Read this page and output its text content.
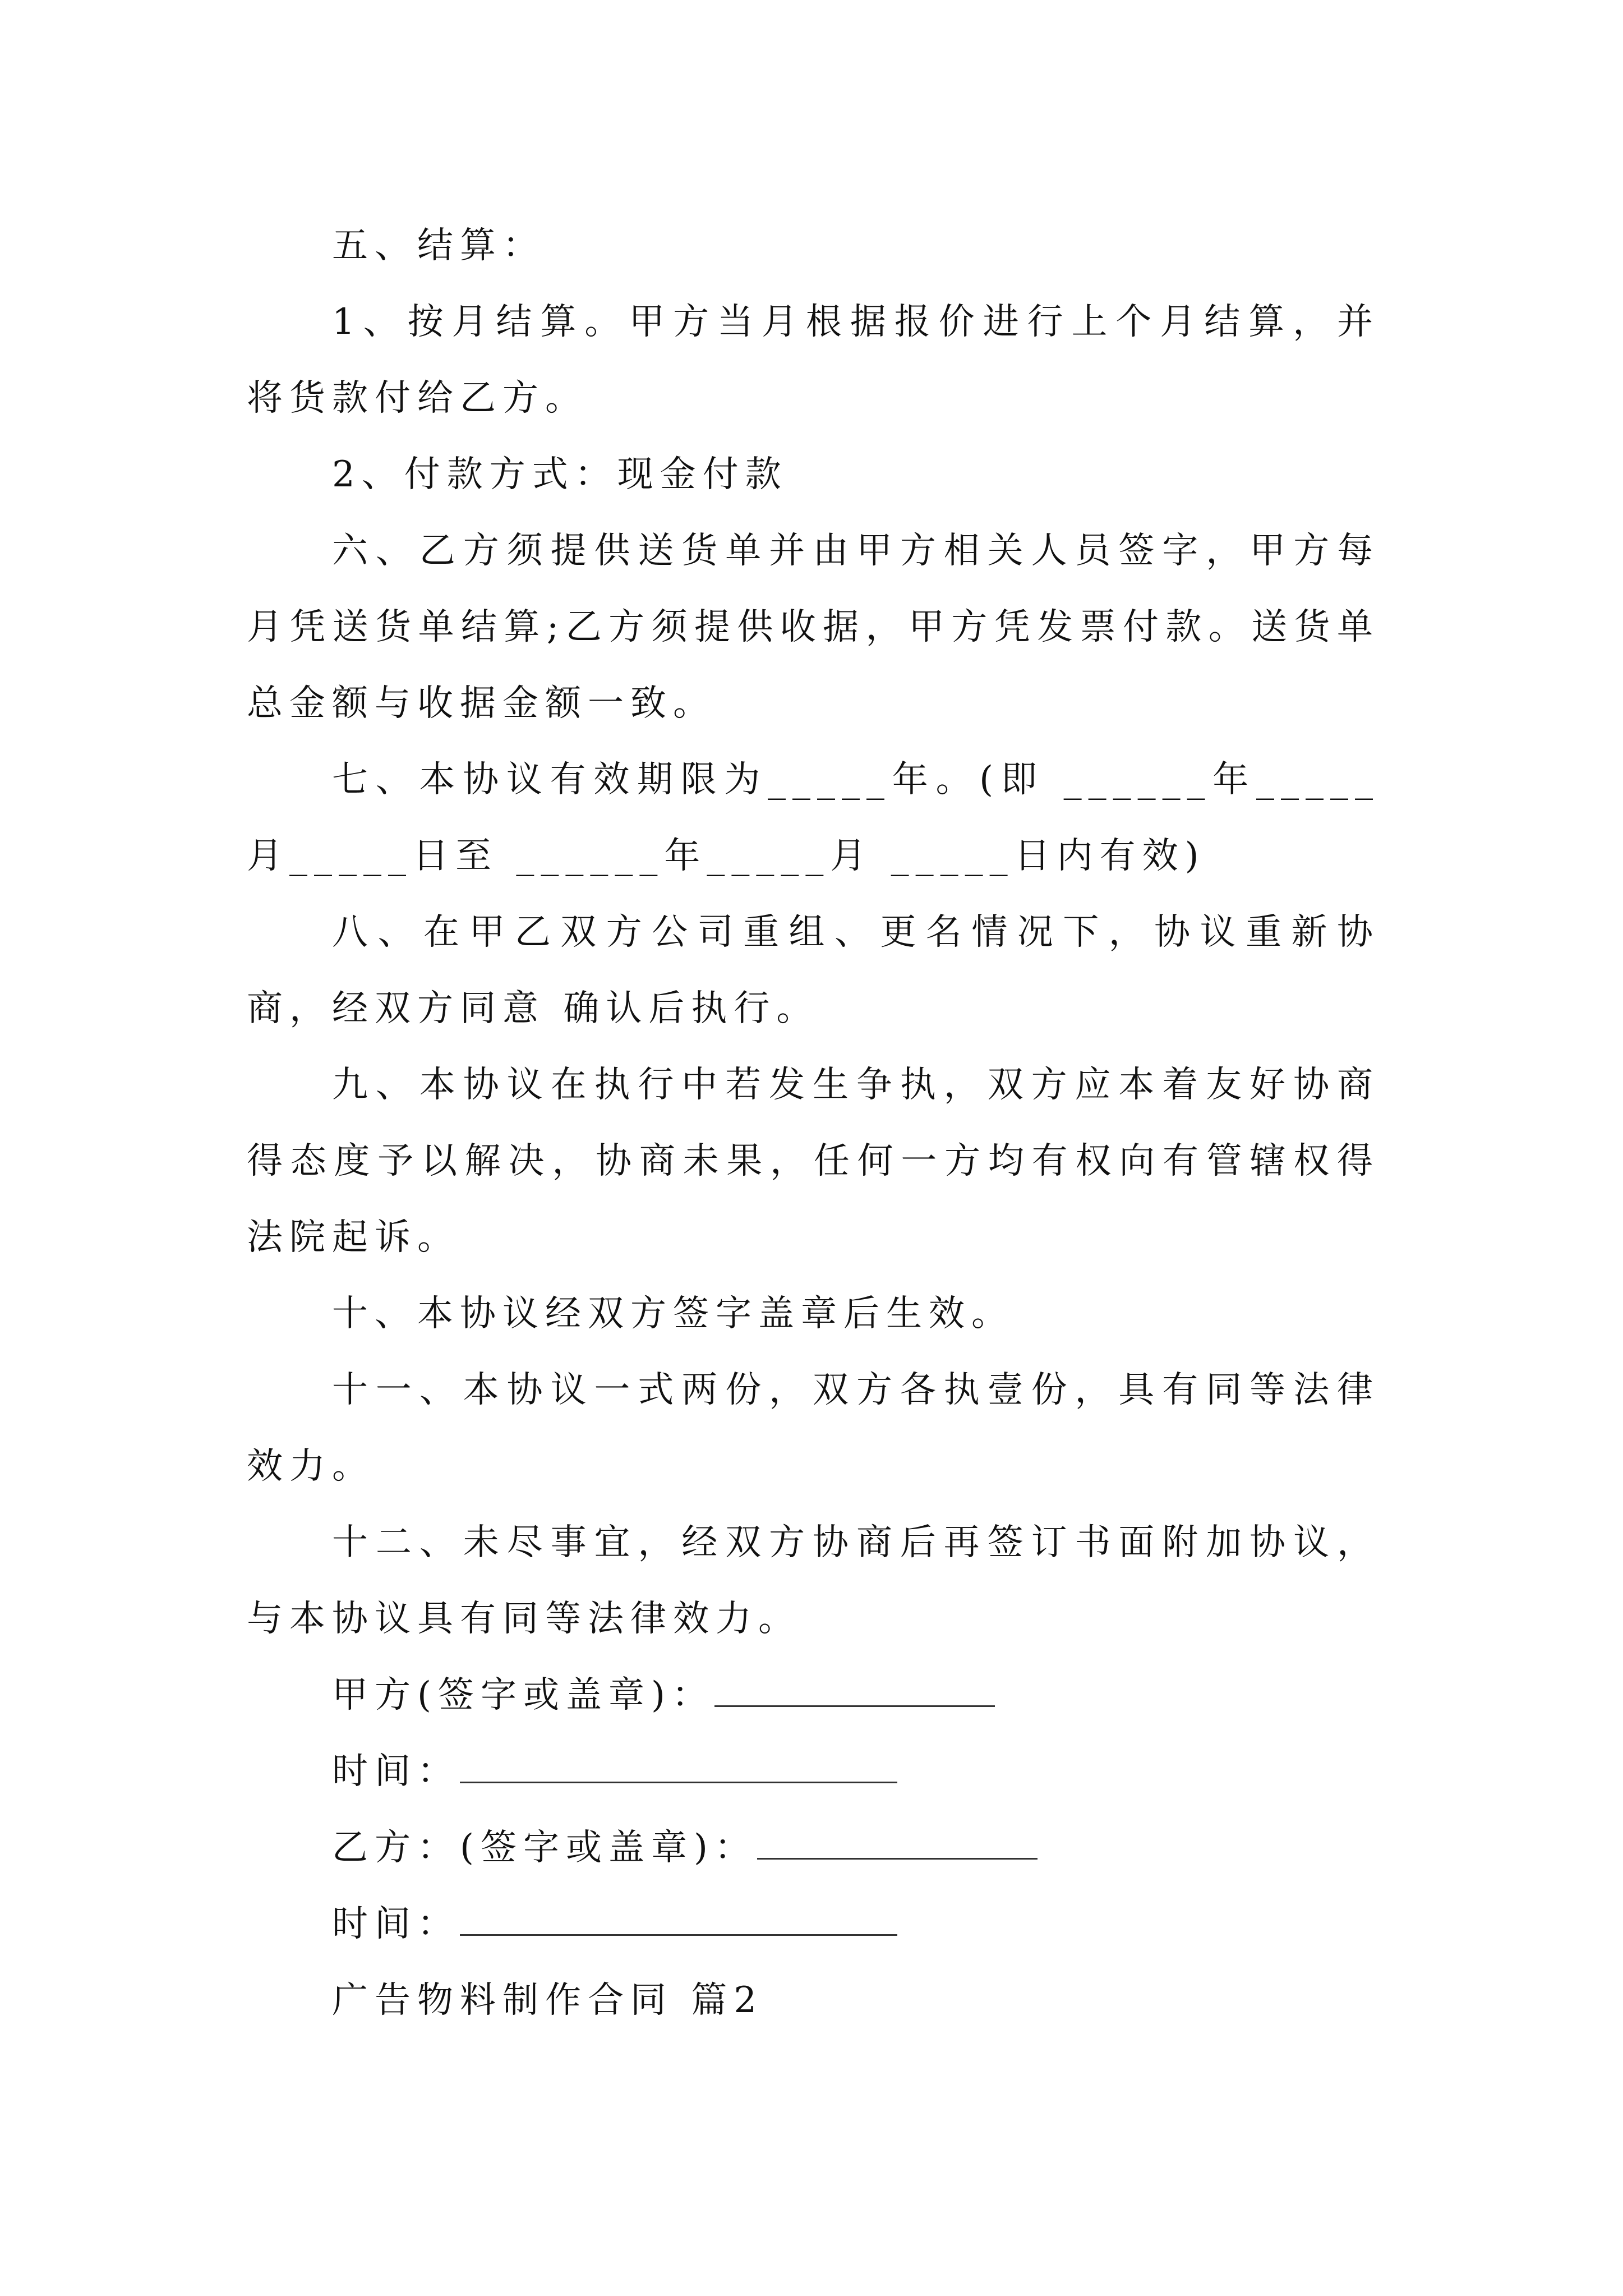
五、结算：

1、按月结算。甲方当月根据报价进行上个月结算，并将货款付给乙方。

2、付款方式：现金付款

六、乙方须提供送货单并由甲方相关人员签字，甲方每月凭送货单结算;乙方须提供收据，甲方凭发票付款。送货单总金额与收据金额一致。

七、本协议有效期限为_____年。(即 ______年_____月_____日至 ______年_____月 _____日内有效)

八、在甲乙双方公司重组、更名情况下，协议重新协商，经双方同意 确认后执行。

九、本协议在执行中若发生争执，双方应本着友好协商得态度予以解决，协商未果，任何一方均有权向有管辖权得法院起诉。

十、本协议经双方签字盖章后生效。

十一、本协议一式两份，双方各执壹份，具有同等法律效力。

十二、未尽事宜，经双方协商后再签订书面附加协议，与本协议具有同等法律效力。

甲方(签字或盖章)：
时间：
乙方：(签字或盖章)：
时间：
广告物料制作合同 篇2
